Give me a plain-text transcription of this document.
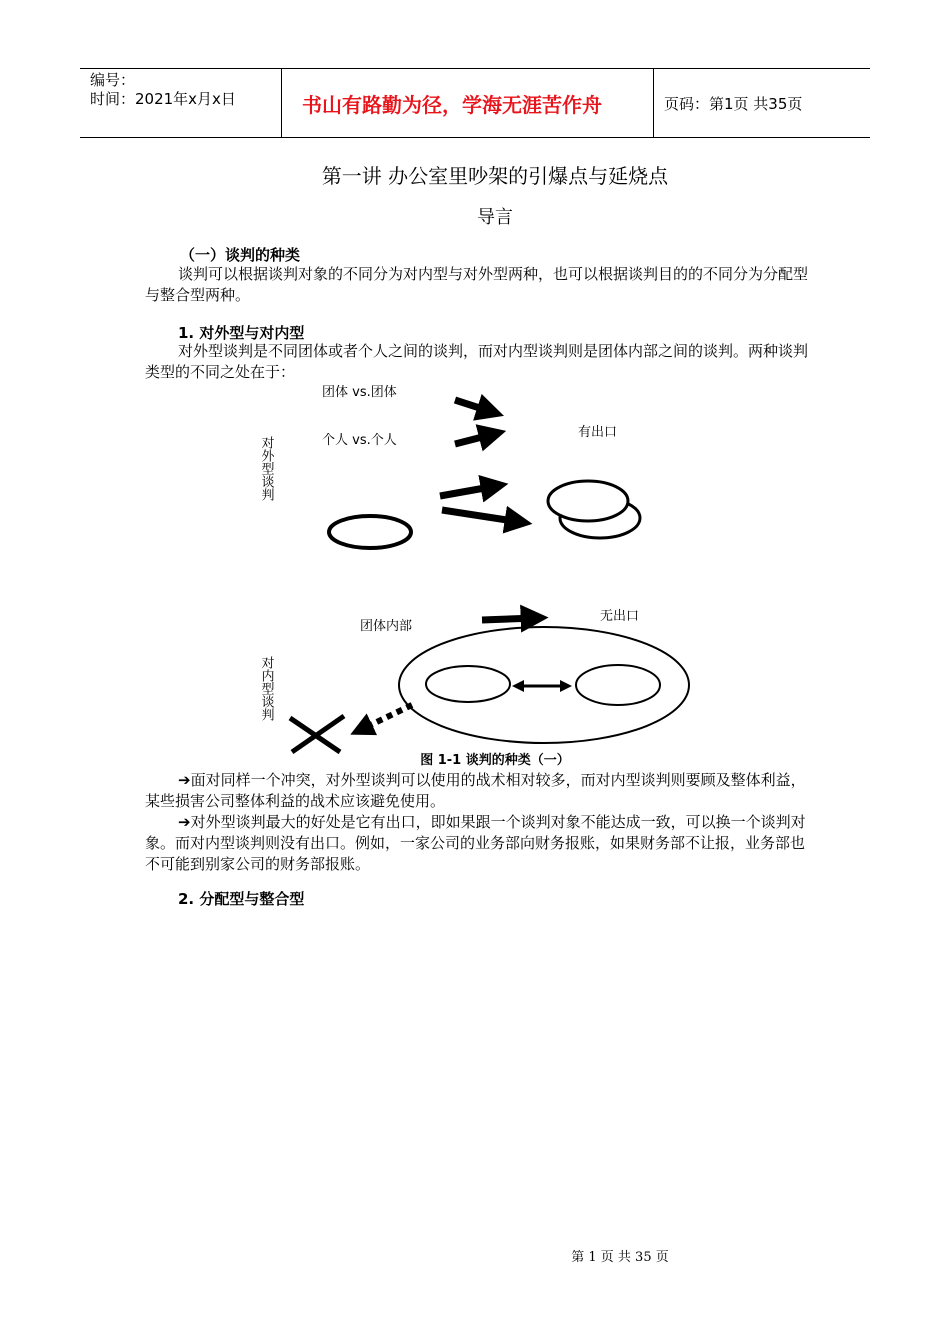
编号：
时间：2021年x月x日	书山有路勤为径，学海无涯苦作舟	页码：第1页 共35页
第一讲 办公室里吵架的引爆点与延烧点
导言
（一）谈判的种类
谈判可以根据谈判对象的不同分为对内型与对外型两种，也可以根据谈判目的的不同分为分配型与整合型两种。
1. 对外型与对内型
对外型谈判是不同团体或者个人之间的谈判，而对内型谈判则是团体内部之间的谈判。两种谈判类型的不同之处在于：
团体 vs.团体
个人 vs.个人
有出口
对外型谈判
团体内部
无出口
对内型谈判
图 1-1 谈判的种类（一）
➔面对同样一个冲突，对外型谈判可以使用的战术相对较多，而对内型谈判则要顾及整体利益，某些损害公司整体利益的战术应该避免使用。
➔对外型谈判最大的好处是它有出口，即如果跟一个谈判对象不能达成一致，可以换一个谈判对象。而对内型谈判则没有出口。例如，一家公司的业务部向财务报账，如果财务部不让报，业务部也不可能到别家公司的财务部报账。
2. 分配型与整合型
第 1 页 共 35 页
